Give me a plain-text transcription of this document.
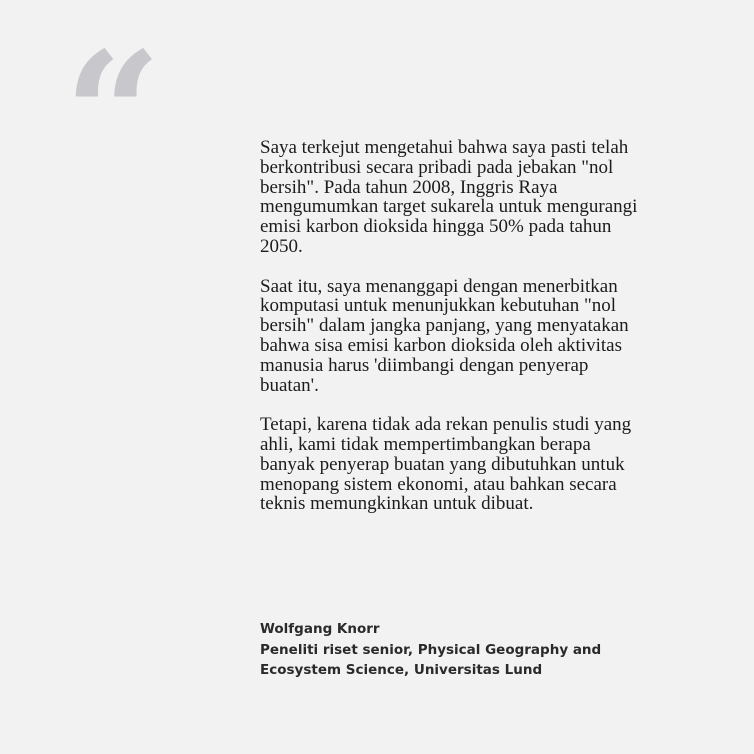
“	Saya terkejut mengetahui bahwa saya pasti telah berkontribusi secara pribadi pada jebakan "nol bersih". Pada tahun 2008, Inggris Raya mengumumkan target sukarela untuk mengurangi emisi karbon dioksida hingga 50% pada tahun 2050.

Saat itu, saya menanggapi dengan menerbitkan komputasi untuk menunjukkan kebutuhan "nol bersih" dalam jangka panjang, yang menyatakan bahwa sisa emisi karbon dioksida oleh aktivitas manusia harus 'diimbangi dengan penyerap buatan'.

Tetapi, karena tidak ada rekan penulis studi yang ahli, kami tidak mempertimbangkan berapa banyak penyerap buatan yang dibutuhkan untuk menopang sistem ekonomi, atau bahkan secara teknis memungkinkan untuk dibuat.

Wolfgang Knorr
Peneliti riset senior, Physical Geography and
Ecosystem Science, Universitas Lund
